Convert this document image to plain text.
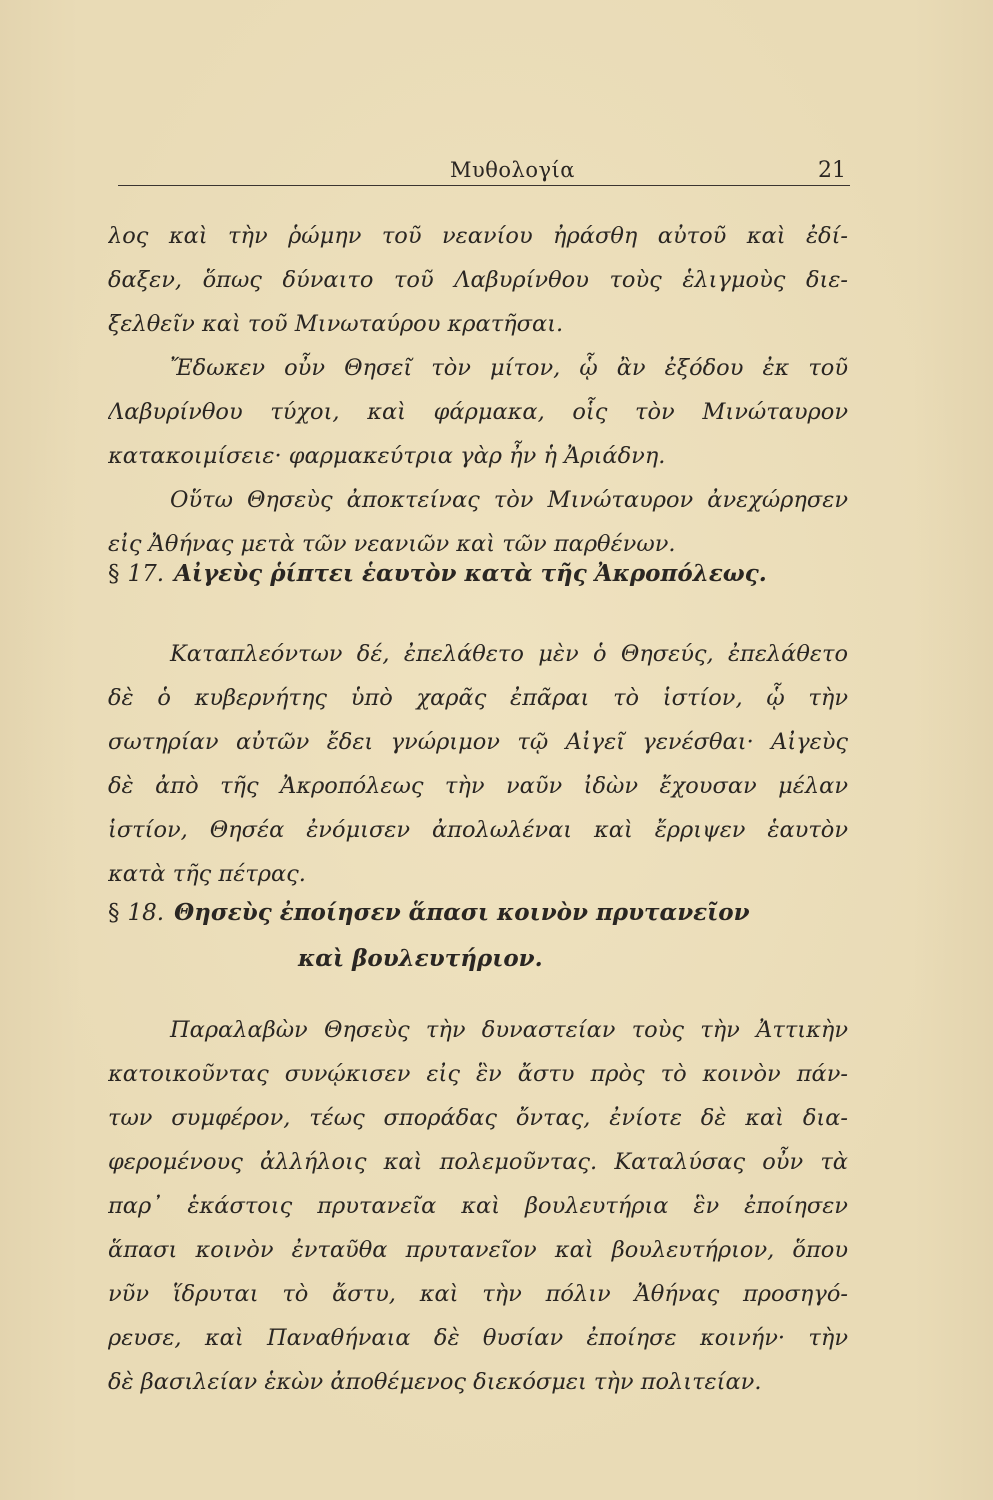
Μυθολογία	21
λος καὶ τὴν ῥώμην τοῦ νεανίου ἠράσθη αὐτοῦ καὶ ἐδί-
δαξεν, ὅπως δύναιτο τοῦ Λαβυρίνθου τοὺς ἑλιγμοὺς διε-
ξελθεῖν καὶ τοῦ Μινωταύρου κρατῆσαι.
Ἔδωκεν οὖν Θησεῖ τὸν μίτον, ᾧ ἂν ἐξόδου ἐκ τοῦ
Λαβυρίνθου τύχοι, καὶ φάρμακα, οἷς τὸν Μινώταυρον
κατακοιμίσειε· φαρμακεύτρια γὰρ ἦν ἡ Ἀριάδνη.
Οὕτω Θησεὺς ἀποκτείνας τὸν Μινώταυρον ἀνεχώρησεν
εἰς Ἀθήνας μετὰ τῶν νεανιῶν καὶ τῶν παρθένων.
§ 17. Αἰγεὺς ῥίπτει ἑαυτὸν κατὰ τῆς Ἀκροπόλεως.
Καταπλεόντων δέ, ἐπελάθετο μὲν ὁ Θησεύς, ἐπελάθετο
δὲ ὁ κυβερνήτης ὑπὸ χαρᾶς ἐπᾶραι τὸ ἱστίον, ᾧ τὴν
σωτηρίαν αὐτῶν ἔδει γνώριμον τῷ Αἰγεῖ γενέσθαι· Αἰγεὺς
δὲ ἀπὸ τῆς Ἀκροπόλεως τὴν ναῦν ἰδὼν ἔχουσαν μέλαν
ἱστίον, Θησέα ἐνόμισεν ἀπολωλέναι καὶ ἔρριψεν ἑαυτὸν
κατὰ τῆς πέτρας.
§ 18. Θησεὺς ἐποίησεν ἅπασι κοινὸν πρυτανεῖον
καὶ βουλευτήριον.
Παραλαβὼν Θησεὺς τὴν δυναστείαν τοὺς τὴν Ἀττικὴν
κατοικοῦντας συνῴκισεν εἰς ἓν ἄστυ πρὸς τὸ κοινὸν πάν-
των συμφέρον, τέως σποράδας ὄντας, ἐνίοτε δὲ καὶ δια-
φερομένους ἀλλήλοις καὶ πολεμοῦντας. Καταλύσας οὖν τὰ
παρ᾽ ἑκάστοις πρυτανεῖα καὶ βουλευτήρια ἓν ἐποίησεν
ἅπασι κοινὸν ἐνταῦθα πρυτανεῖον καὶ βουλευτήριον, ὅπου
νῦν ἵδρυται τὸ ἄστυ, καὶ τὴν πόλιν Ἀθήνας προσηγό-
ρευσε, καὶ Παναθήναια δὲ θυσίαν ἐποίησε κοινήν· τὴν
δὲ βασιλείαν ἑκὼν ἀποθέμενος διεκόσμει τὴν πολιτείαν.
